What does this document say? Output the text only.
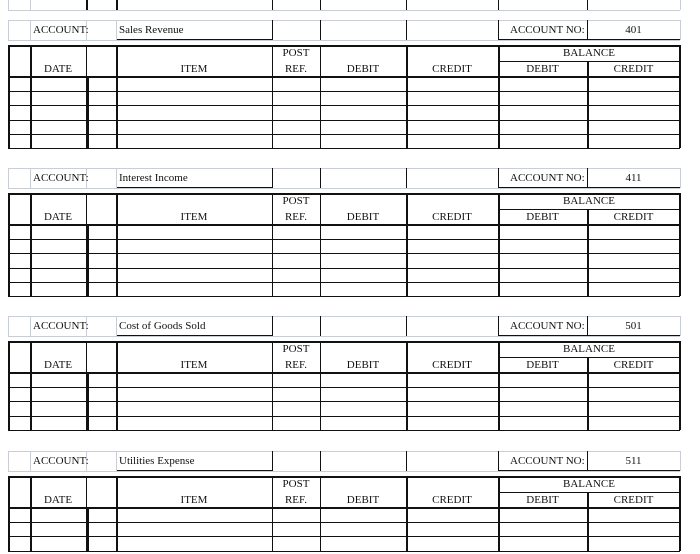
ACCOUNT:	Sales Revenue	ACCOUNT NO:	401
POST	BALANCE
DATE	ITEM	REF.	DEBIT	CREDIT	DEBIT	CREDIT
ACCOUNT:	Interest Income	ACCOUNT NO:	411
POST	BALANCE
DATE	ITEM	REF.	DEBIT	CREDIT	DEBIT	CREDIT
ACCOUNT:	Cost of Goods Sold	ACCOUNT NO:	501
POST	BALANCE
DATE	ITEM	REF.	DEBIT	CREDIT	DEBIT	CREDIT
ACCOUNT:	Utilities Expense	ACCOUNT NO:	511
POST	BALANCE
DATE	ITEM	REF.	DEBIT	CREDIT	DEBIT	CREDIT
